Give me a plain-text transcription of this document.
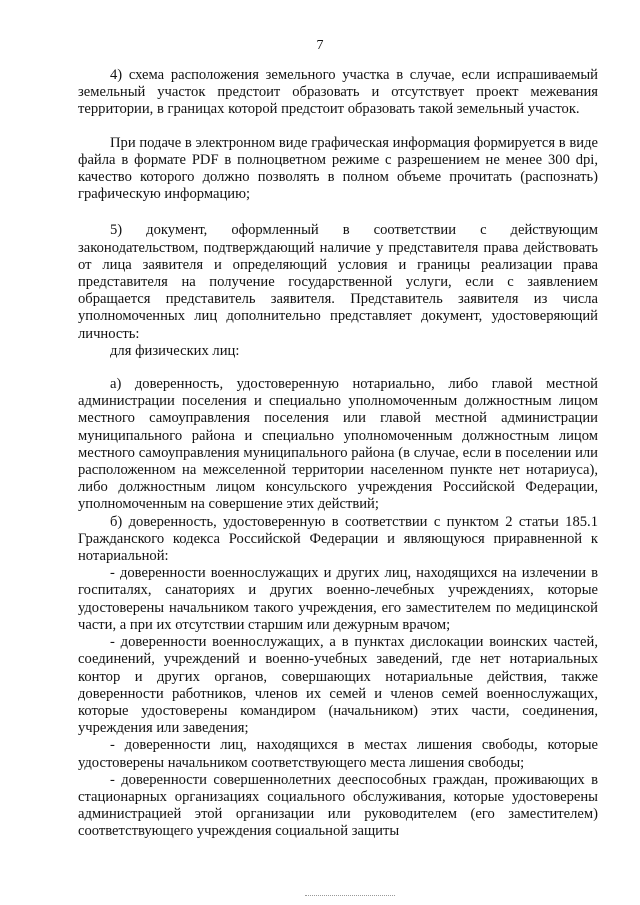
7

4) схема расположения земельного участка в случае, если испрашиваемый земельный участок предстоит образовать и отсутствует проект межевания территории, в границах которой предстоит образовать такой земельный участок.

При подаче в электронном виде графическая информация формируется в виде файла в формате PDF в полноцветном режиме с разрешением не менее 300 dpi, качество которого должно позволять в полном объеме прочитать (распознать) графическую информацию;

5) документ, оформленный в соответствии с действующим законодательством, подтверждающий наличие у представителя права действовать от лица заявителя и определяющий условия и границы реализации права представителя на получение государственной услуги, если с заявлением обращается представитель заявителя. Представитель заявителя из числа уполномоченных лиц дополнительно представляет документ, удостоверяющий личность:

для физических лиц:

а) доверенность, удостоверенную нотариально, либо главой местной администрации поселения и специально уполномоченным должностным лицом местного самоуправления поселения или главой местной администрации муниципального района и специально уполномоченным должностным лицом местного самоуправления муниципального района (в случае, если в поселении или расположенном на межселенной территории населенном пункте нет нотариуса), либо должностным лицом консульского учреждения Российской Федерации, уполномоченным на совершение этих действий;

б) доверенность, удостоверенную в соответствии с пунктом 2 статьи 185.1 Гражданского кодекса Российской Федерации и являющуюся приравненной к нотариальной:

- доверенности военнослужащих и других лиц, находящихся на излечении в госпиталях, санаториях и других военно-лечебных учреждениях, которые удостоверены начальником такого учреждения, его заместителем по медицинской части, а при их отсутствии старшим или дежурным врачом;

- доверенности военнослужащих, а в пунктах дислокации воинских частей, соединений, учреждений и военно-учебных заведений, где нет нотариальных контор и других органов, совершающих нотариальные действия, также доверенности работников, членов их семей и членов семей военнослужащих, которые удостоверены командиром (начальником) этих части, соединения, учреждения или заведения;

- доверенности лиц, находящихся в местах лишения свободы, которые удостоверены начальником соответствующего места лишения свободы;

- доверенности совершеннолетних дееспособных граждан, проживающих в стационарных организациях социального обслуживания, которые удостоверены администрацией этой организации или руководителем (его заместителем) соответствующего учреждения социальной защиты
